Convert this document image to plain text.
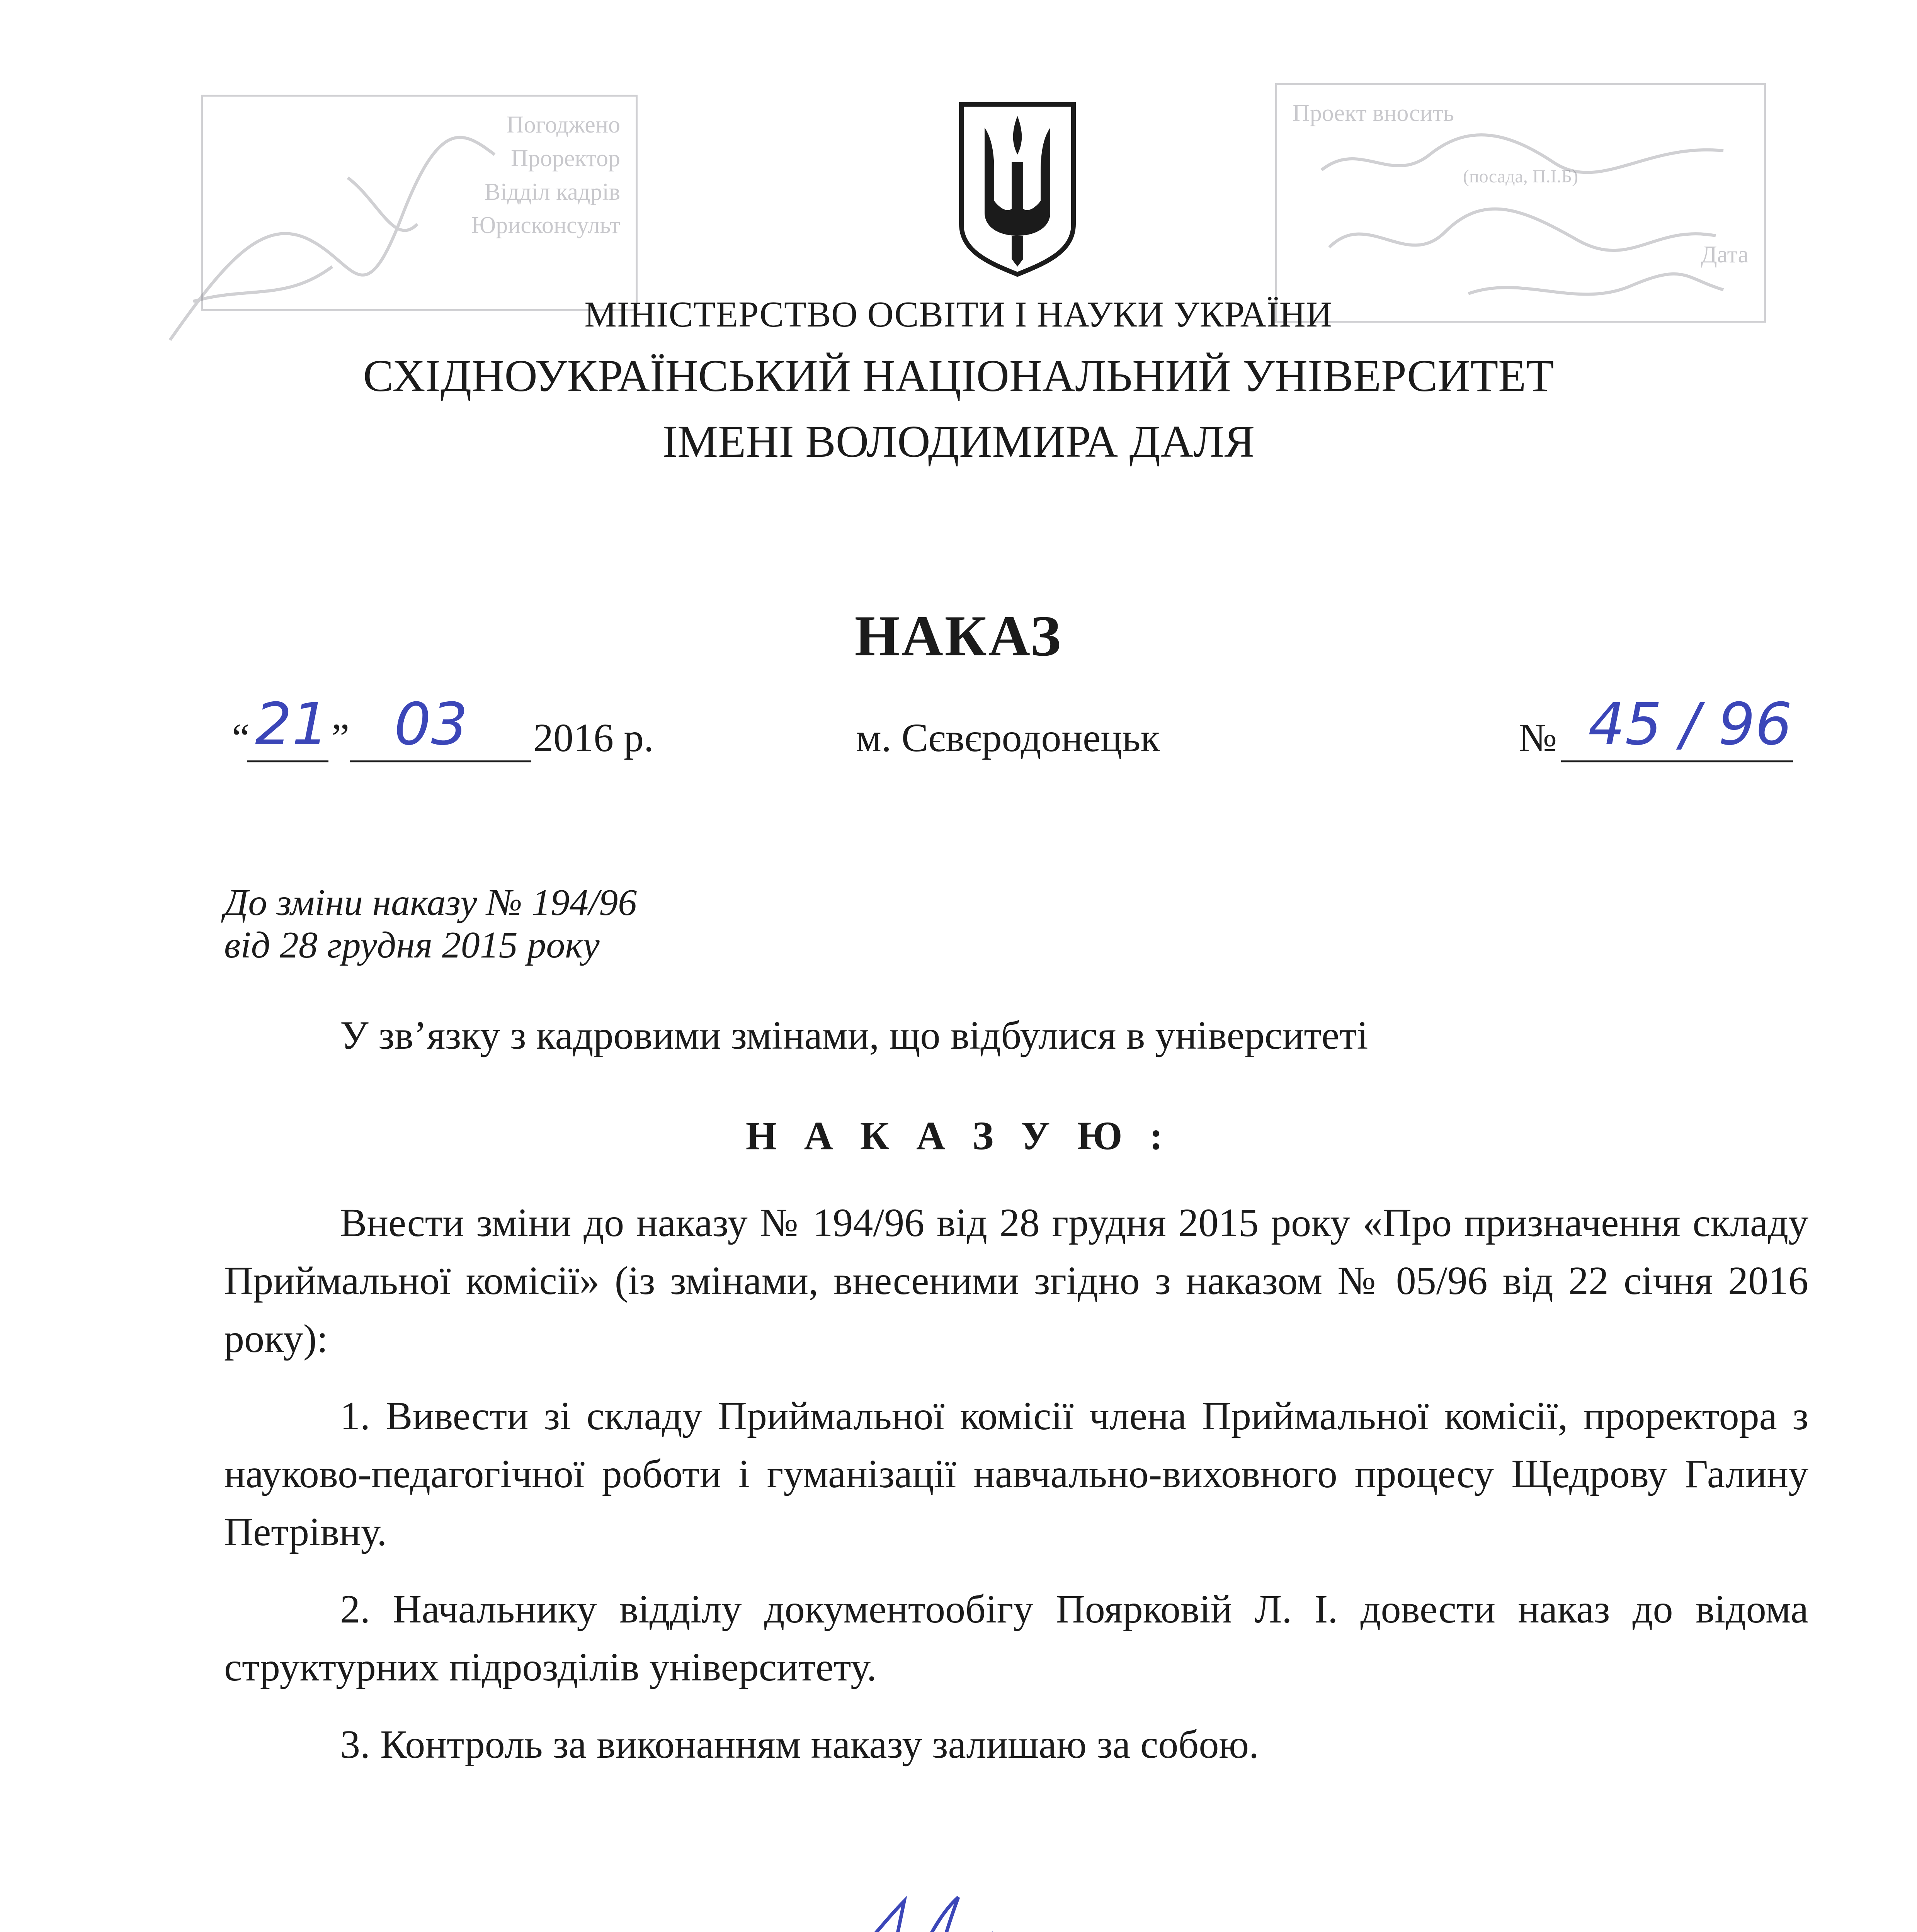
Погоджено
Проректор
Відділ кадрів
Юрисконсульт
Проект вносить
(посада, П.І.Б)
Дата
МІНІСТЕРСТВО ОСВІТИ І НАУКИ УКРАЇНИ
СХІДНОУКРАЇНСЬКИЙ НАЦІОНАЛЬНИЙ УНІВЕРСИТЕТ
ІМЕНІ ВОЛОДИМИРА ДАЛЯ
НАКАЗ
“ 21 ” 03 2016 р.	м. Сєвєродонецьк	№ 45 / 96
До зміни наказу № 194/96
від 28 грудня 2015 року
У зв’язку з кадровими змінами, що відбулися в університеті
Н А К А З У Ю :

Внести зміни до наказу № 194/96 від 28 грудня 2015 року «Про призначення складу Приймальної комісії» (із змінами, внесеними згідно з наказом № 05/96 від 22 січня 2016 року):

1. Вивести зі складу Приймальної комісії члена Приймальної комісії, проректора з науково-педагогічної роботи і гуманізації навчально-виховного процесу Щедрову Галину Петрівну.

2. Начальнику відділу документообігу Поярковій Л. І. довести наказ до відома структурних підрозділів університету.

3. Контроль за виконанням наказу залишаю за собою.
